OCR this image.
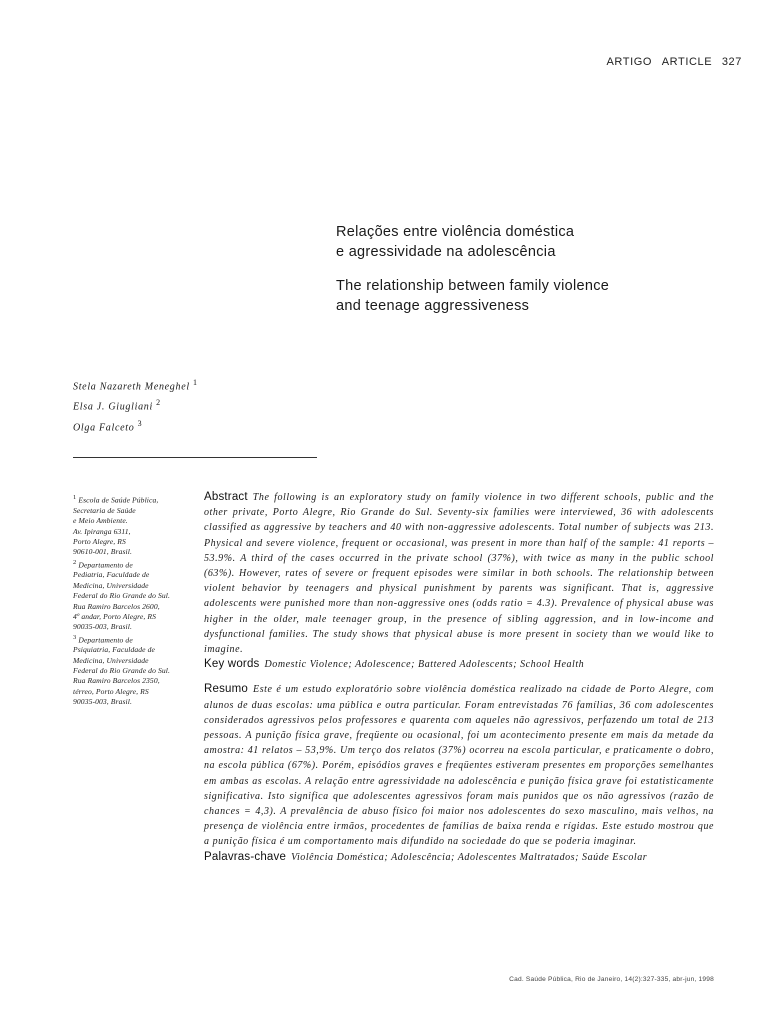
ARTIGO ARTICLE 327

Relações entre violência doméstica

e agressividade na adolescência

The relationship between family violence

and teenage aggressiveness

Stela Nazareth Meneghel $^1$
Elsa J. Giugliani $^2$
Olga Falceto $^3$
$^1$ Escola de Saúde Pública,
Secretaria de Saúde
e Meio Ambiente.
Av. Ipiranga 6311,
Porto Alegre, RS
90610-001, Brasil.
$^2$ Departamento de
Pediatria, Faculdade de
Medicina, Universidade
Federal do Rio Grande do Sul.
Rua Ramiro Barcelos 2600,
4º andar, Porto Alegre, RS
90035-003, Brasil.
$^3$ Departamento de
Psiquiatria, Faculdade de
Medicina, Universidade
Federal do Rio Grande do Sul.
Rua Ramiro Barcelos 2350,
térreo, Porto Alegre, RS
90035-003, Brasil.

Abstract The following is an exploratory study on family violence in two different schools, public and the other private, Porto Alegre, Rio Grande do Sul. Seventy-six families were interviewed, 36 with adolescents classified as aggressive by teachers and 40 with non-aggressive adolescents. Total number of subjects was 213. Physical and severe violence, frequent or occasional, was present in more than half of the sample: 41 reports – 53.9%. A third of the cases occurred in the private school (37%), with twice as many in the public school (63%). However, rates of severe or frequent episodes were similar in both schools. The relationship between violent behavior by teenagers and physical punishment by parents was significant. That is, aggressive adolescents were punished more than non-aggressive ones (odds ratio = 4.3). Prevalence of physical abuse was higher in the older, male teenager group, in the presence of sibling aggression, and in low-income and dysfunctional families. The study shows that physical abuse is more present in society than we would like to imagine.

Key words Domestic Violence; Adolescence; Battered Adolescents; School Health

Resumo Este é um estudo exploratório sobre violência doméstica realizado na cidade de Porto Alegre, com alunos de duas escolas: uma pública e outra particular. Foram entrevistadas 76 famílias, 36 com adolescentes considerados agressivos pelos professores e quarenta com aqueles não agressivos, perfazendo um total de 213 pessoas. A punição física grave, freqüente ou ocasional, foi um acontecimento presente em mais da metade da amostra: 41 relatos – 53,9%. Um terço dos relatos (37%) ocorreu na escola particular, e praticamente o dobro, na escola pública (67%). Porém, episódios graves e freqüentes estiveram presentes em proporções semelhantes em ambas as escolas. A relação entre agressividade na adolescência e punição física grave foi estatisticamente significativa. Isto significa que adolescentes agressivos foram mais punidos que os não agressivos (razão de chances = 4,3). A prevalência de abuso físico foi maior nos adolescentes do sexo masculino, mais velhos, na presença de violência entre irmãos, procedentes de famílias de baixa renda e rígidas. Este estudo mostrou que a punição física é um comportamento mais difundido na sociedade do que se poderia imaginar.

Palavras-chave Violência Doméstica; Adolescência; Adolescentes Maltratados; Saúde Escolar

Cad. Saúde Pública, Rio de Janeiro, 14(2):327-335, abr-jun, 1998
